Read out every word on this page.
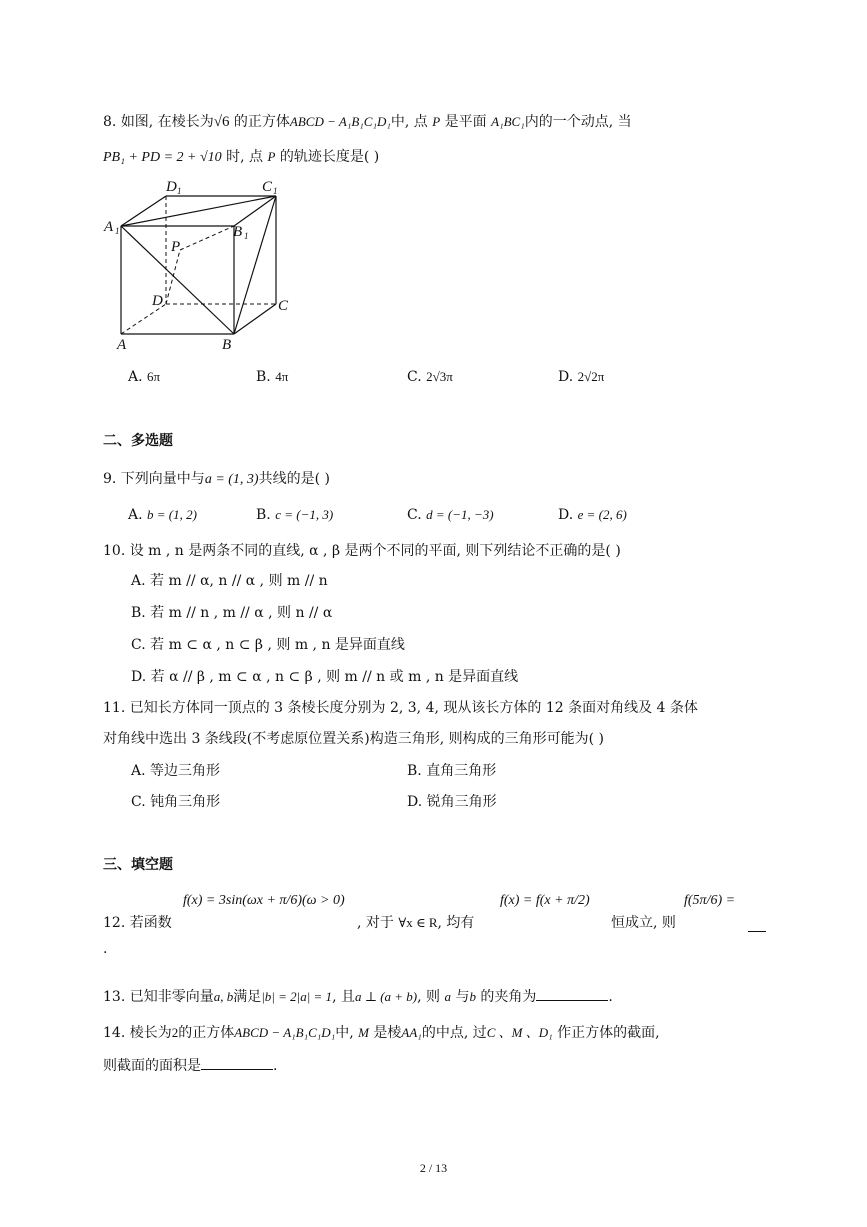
8. 如图, 在棱长为√6 的正方体ABCD − A₁B₁C₁D₁中, 点 P 是平面 A₁BC₁内的一个动点, 当
PB₁ + PD = 2 + √10 时, 点 P 的轨迹长度是( )
D 1	C 1
A 1	B 1
P
D	C
A	B
A. 6π	B. 4π	C. 2√3π	D. 2√2π
二、多选题
9. 下列向量中与a = (1, 3)共线的是( )
A. b = (1, 2)	B. c = (−1, 3)	C. d = (−1, −3)	D. e = (2, 6)
10. 设 m , n 是两条不同的直线, α , β 是两个不同的平面, 则下列结论不正确的是( )
A. 若 m // α, n // α , 则 m // n
B. 若 m // n , m // α , 则 n // α
C. 若 m ⊂ α , n ⊂ β , 则 m , n 是异面直线
D. 若 α // β , m ⊂ α , n ⊂ β , 则 m // n 或 m , n 是异面直线
11. 已知长方体同一顶点的 3 条棱长度分别为 2, 3, 4, 现从该长方体的 12 条面对角线及 4 条体
对角线中选出 3 条线段(不考虑原位置关系)构造三角形, 则构成的三角形可能为( )
A. 等边三角形	B. 直角三角形
C. 钝角三角形	D. 锐角三角形
三、填空题
12. 若函数
f(x) = 3sin(ωx + π/6)(ω > 0)
, 对于 ∀x ∈ R, 均有
f(x) = f(x + π/2)
恒成立, 则
f(5π/6) =
.
13. 已知非零向量a, b满足|b| = 2|a| = 1, 且a ⊥ (a + b), 则 a 与b 的夹角为	.
14. 棱长为2的正方体ABCD − A₁B₁C₁D₁中, M 是棱AA₁的中点, 过C 、M 、D₁ 作正方体的截面,
则截面的面积是	.
2 / 13
